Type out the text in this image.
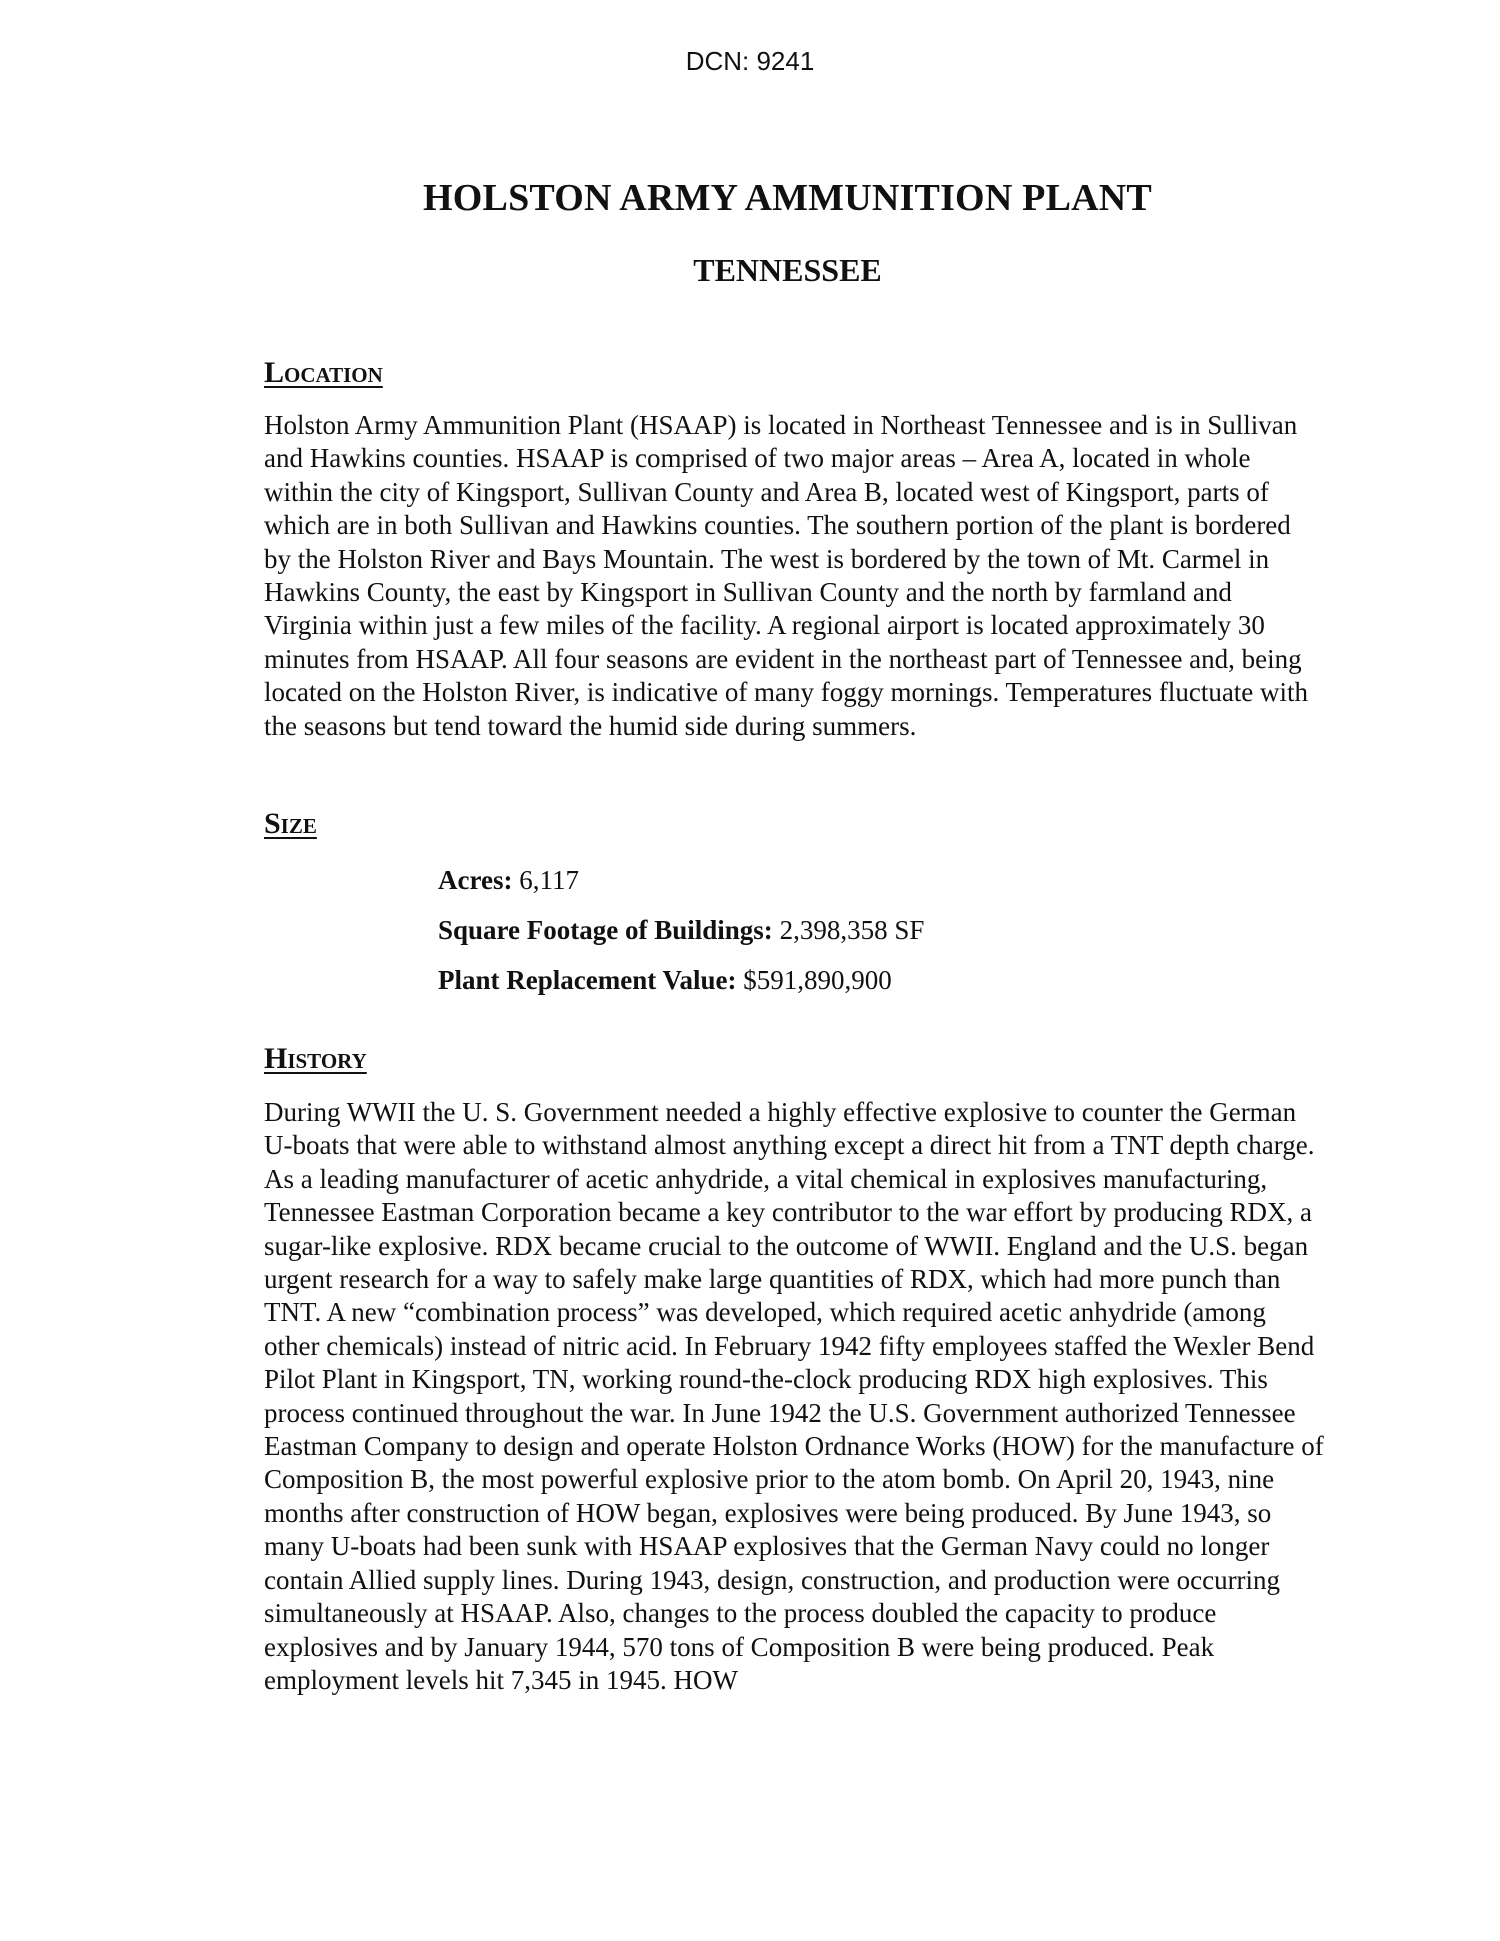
DCN: 9241
HOLSTON ARMY AMMUNITION PLANT
TENNESSEE
Location

Holston Army Ammunition Plant (HSAAP) is located in Northeast Tennessee and is in Sullivan and Hawkins counties. HSAAP is comprised of two major areas – Area A, located in whole within the city of Kingsport, Sullivan County and Area B, located west of Kingsport, parts of which are in both Sullivan and Hawkins counties. The southern portion of the plant is bordered by the Holston River and Bays Mountain. The west is bordered by the town of Mt. Carmel in Hawkins County, the east by Kingsport in Sullivan County and the north by farmland and Virginia within just a few miles of the facility. A regional airport is located approximately 30 minutes from HSAAP. All four seasons are evident in the northeast part of Tennessee and, being located on the Holston River, is indicative of many foggy mornings. Temperatures fluctuate with the seasons but tend toward the humid side during summers.

Size
Acres: 6,117
Square Footage of Buildings: 2,398,358 SF
Plant Replacement Value: $591,890,900
History

During WWII the U. S. Government needed a highly effective explosive to counter the German U-boats that were able to withstand almost anything except a direct hit from a TNT depth charge. As a leading manufacturer of acetic anhydride, a vital chemical in explosives manufacturing, Tennessee Eastman Corporation became a key contributor to the war effort by producing RDX, a sugar-like explosive. RDX became crucial to the outcome of WWII. England and the U.S. began urgent research for a way to safely make large quantities of RDX, which had more punch than TNT. A new “combination process” was developed, which required acetic anhydride (among other chemicals) instead of nitric acid. In February 1942 fifty employees staffed the Wexler Bend Pilot Plant in Kingsport, TN, working round-the-clock producing RDX high explosives. This process continued throughout the war. In June 1942 the U.S. Government authorized Tennessee Eastman Company to design and operate Holston Ordnance Works (HOW) for the manufacture of Composition B, the most powerful explosive prior to the atom bomb. On April 20, 1943, nine months after construction of HOW began, explosives were being produced. By June 1943, so many U-boats had been sunk with HSAAP explosives that the German Navy could no longer contain Allied supply lines. During 1943, design, construction, and production were occurring simultaneously at HSAAP. Also, changes to the process doubled the capacity to produce explosives and by January 1944, 570 tons of Composition B were being produced. Peak employment levels hit 7,345 in 1945. HOW
